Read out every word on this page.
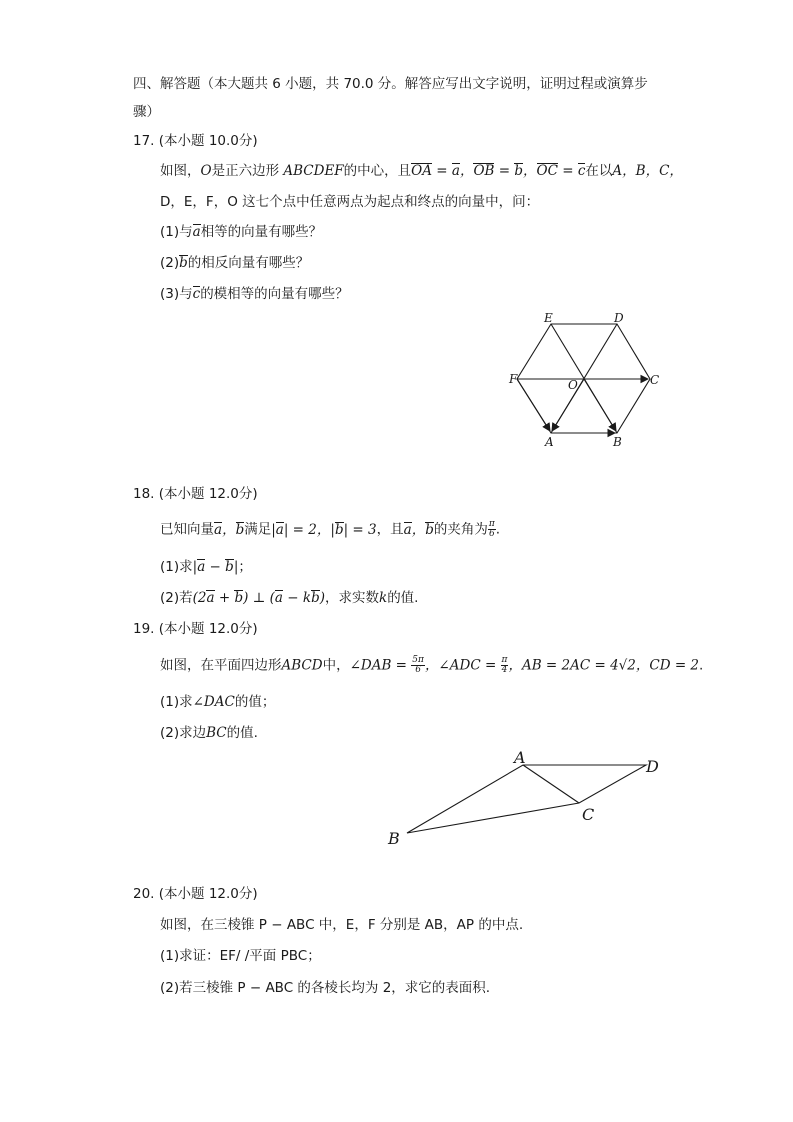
四、解答题（本大题共 6 小题，共 70.0 分。解答应写出文字说明，证明过程或演算步
骤）
17. (本小题 10.0分)
如图，O是正六边形 ABCDEF的中心，且OA = a，OB = b，OC = c在以A，B，C，
D，E，F，O 这七个点中任意两点为起点和终点的向量中，问：
(1)与a相等的向量有哪些？
(2)b的相反向量有哪些？
(3)与c的模相等的向量有哪些？
E	D
F	O	C
A	B
18. (本小题 12.0分)
已知向量a，b满足|a| = 2，|b| = 3，且a，b的夹角为 $\frac{\pi}{6}$ .
(1)求|a − b|；
(2)若(2a + b) ⊥ (a − kb)，求实数k的值.
19. (本小题 12.0分)
如图，在平面四边形ABCD中，∠DAB = $\frac{5\pi}{6}$ ，∠ADC = $\frac{\pi}{4}$ ，AB = 2AC = 4√2，CD = 2.
(1)求∠DAC的值；
(2)求边BC的值.
A	D
C
B
20. (本小题 12.0分)
如图，在三棱锥 P − ABC 中，E，F 分别是 AB，AP 的中点.
(1)求证：EF/ /平面 PBC；
(2)若三棱锥 P − ABC 的各棱长均为 2，求它的表面积.
